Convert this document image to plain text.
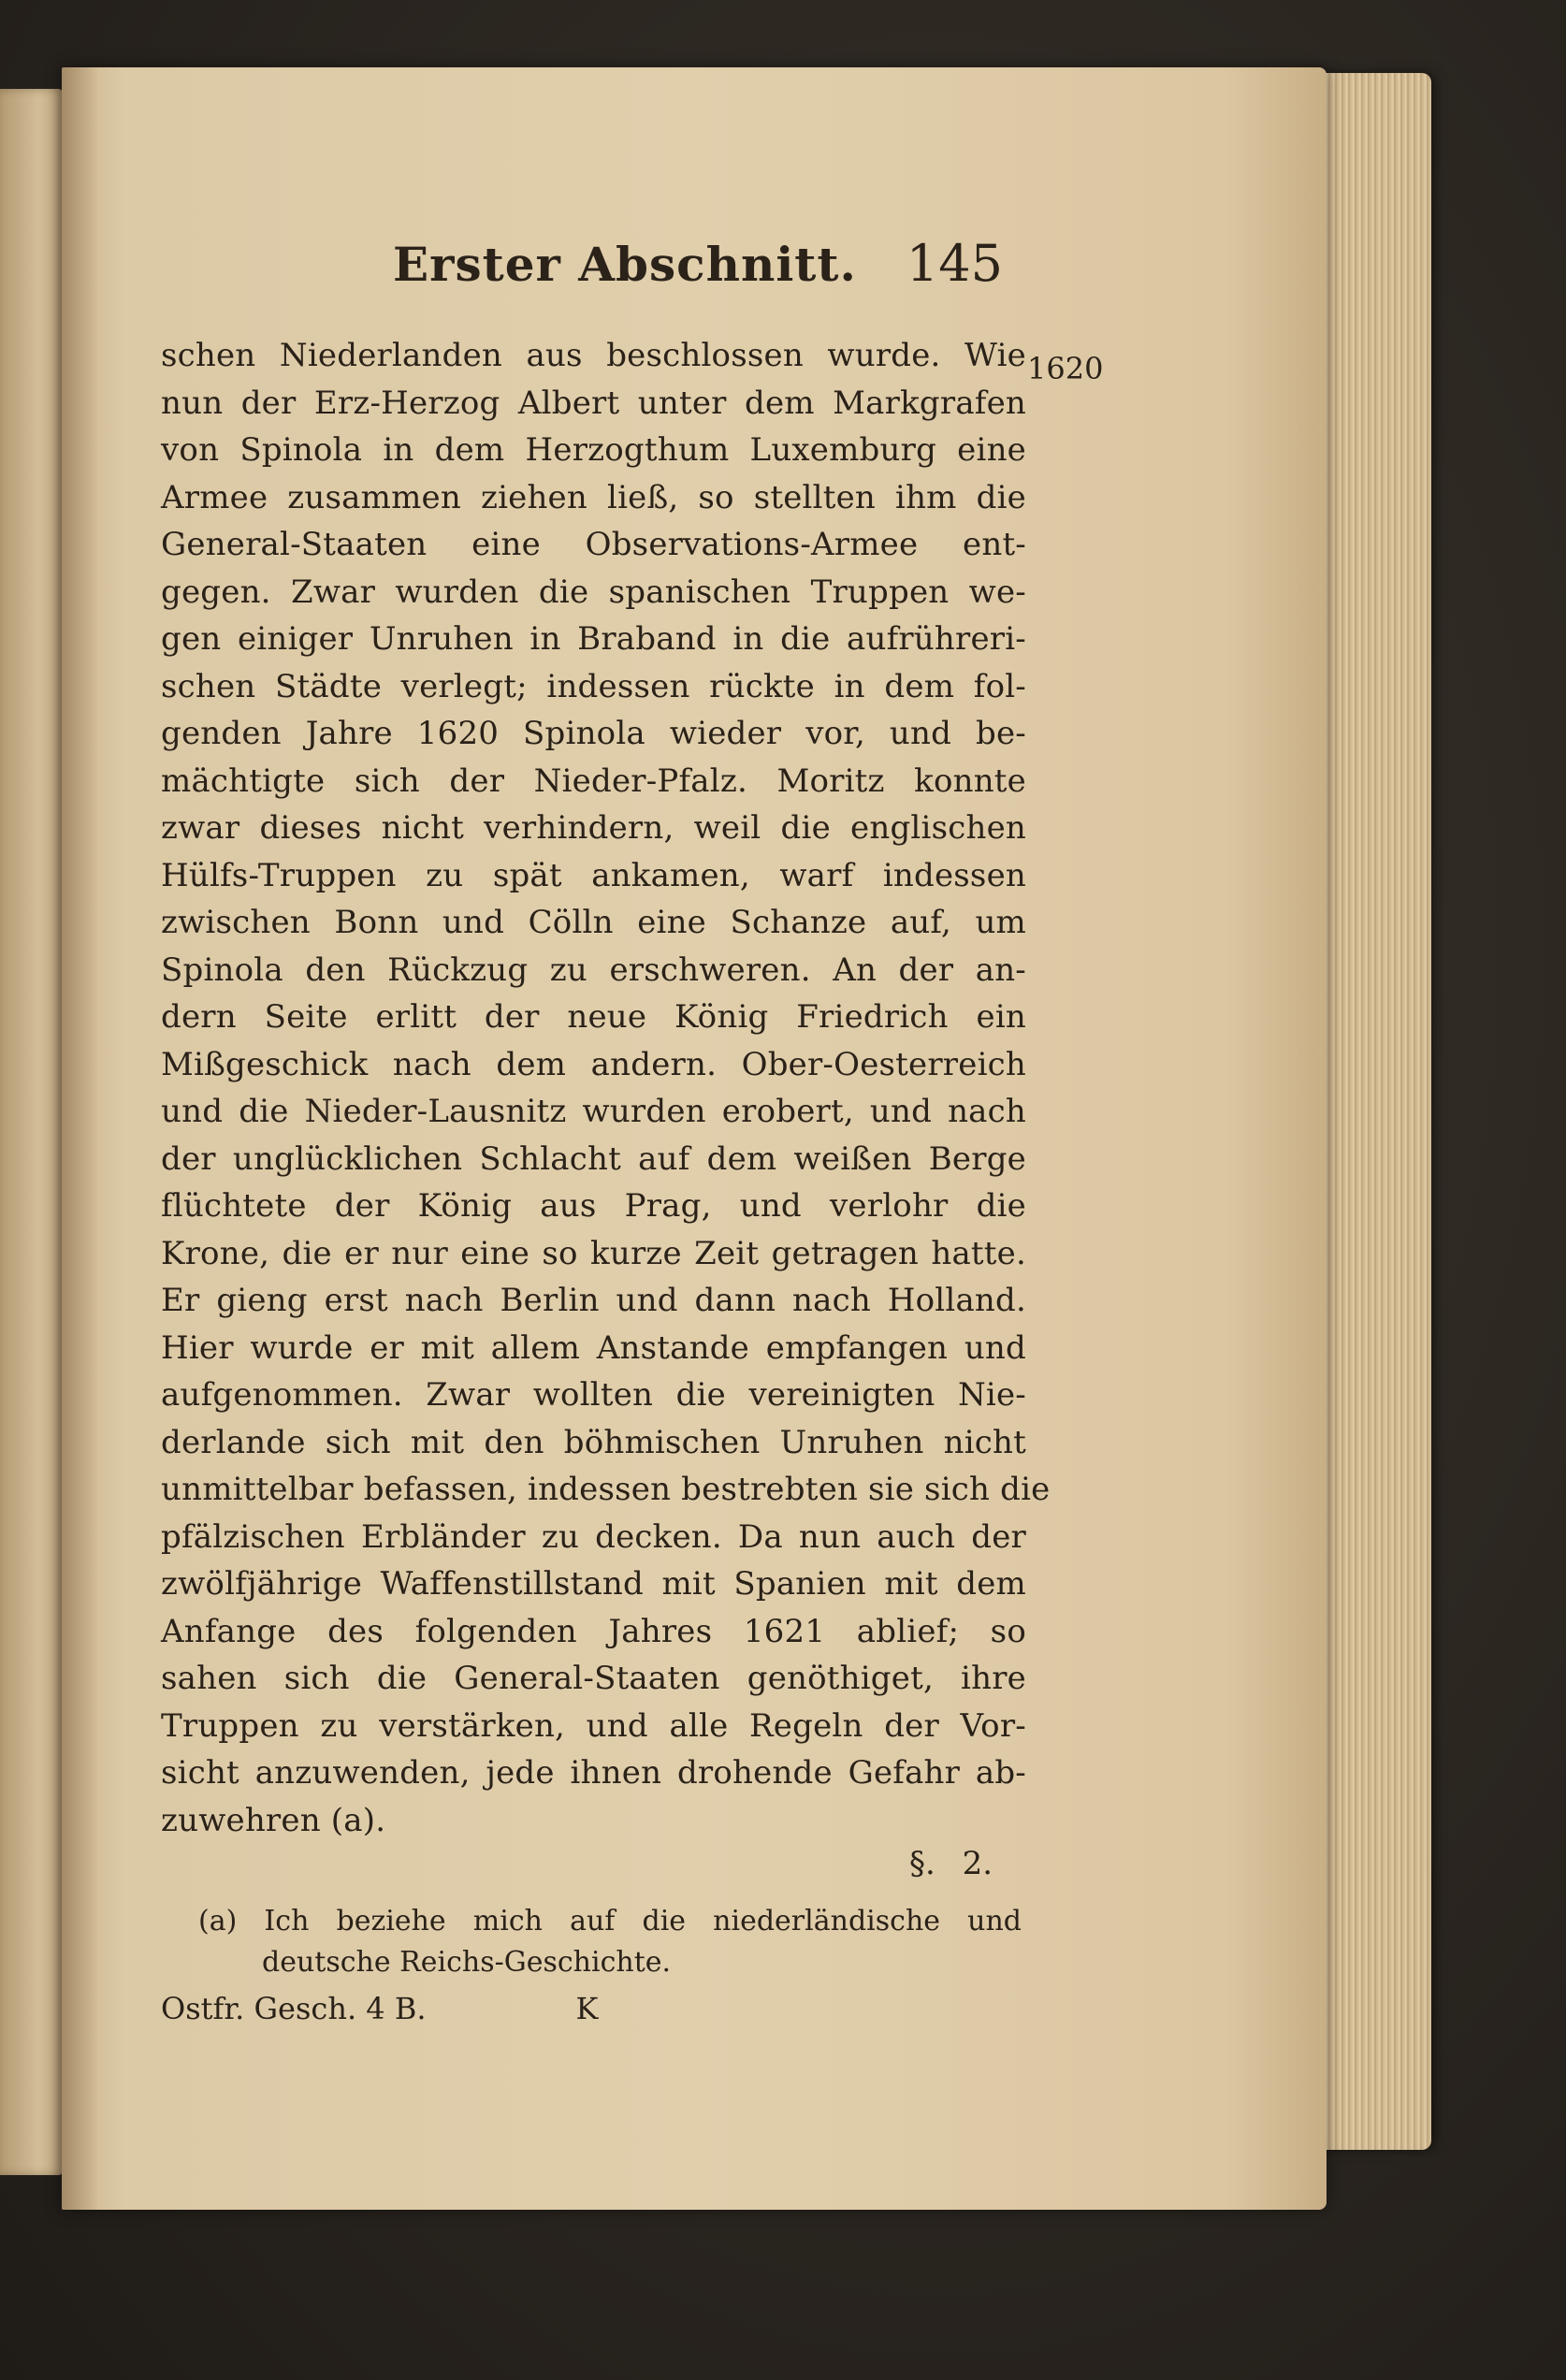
Erster Abschnitt. 145
1620
schen Niederlanden aus beschlossen wurde. Wie
nun der Erz-Herzog Albert unter dem Markgrafen
von Spinola in dem Herzogthum Luxemburg eine
Armee zusammen ziehen ließ, so stellten ihm die
General-Staaten eine Observations-Armee ent-
gegen. Zwar wurden die spanischen Truppen we-
gen einiger Unruhen in Braband in die aufrühreri-
schen Städte verlegt; indessen rückte in dem fol-
genden Jahre 1620 Spinola wieder vor, und be-
mächtigte sich der Nieder-Pfalz. Moritz konnte
zwar dieses nicht verhindern, weil die englischen
Hülfs-Truppen zu spät ankamen, warf indessen
zwischen Bonn und Cölln eine Schanze auf, um
Spinola den Rückzug zu erschweren. An der an-
dern Seite erlitt der neue König Friedrich ein
Mißgeschick nach dem andern. Ober-Oesterreich
und die Nieder-Lausnitz wurden erobert, und nach
der unglücklichen Schlacht auf dem weißen Berge
flüchtete der König aus Prag, und verlohr die
Krone, die er nur eine so kurze Zeit getragen hatte.
Er gieng erst nach Berlin und dann nach Holland.
Hier wurde er mit allem Anstande empfangen und
aufgenommen. Zwar wollten die vereinigten Nie-
derlande sich mit den böhmischen Unruhen nicht
unmittelbar befassen, indessen bestrebten sie sich die
pfälzischen Erbländer zu decken. Da nun auch der
zwölfjährige Waffenstillstand mit Spanien mit dem
Anfange des folgenden Jahres 1621 ablief; so
sahen sich die General-Staaten genöthiget, ihre
Truppen zu verstärken, und alle Regeln der Vor-
sicht anzuwenden, jede ihnen drohende Gefahr ab-
zuwehren (a).
§. 2.
(a) Ich beziehe mich auf die niederländische und
deutsche Reichs-Geschichte.
Ostfr. Gesch. 4 B.	K
